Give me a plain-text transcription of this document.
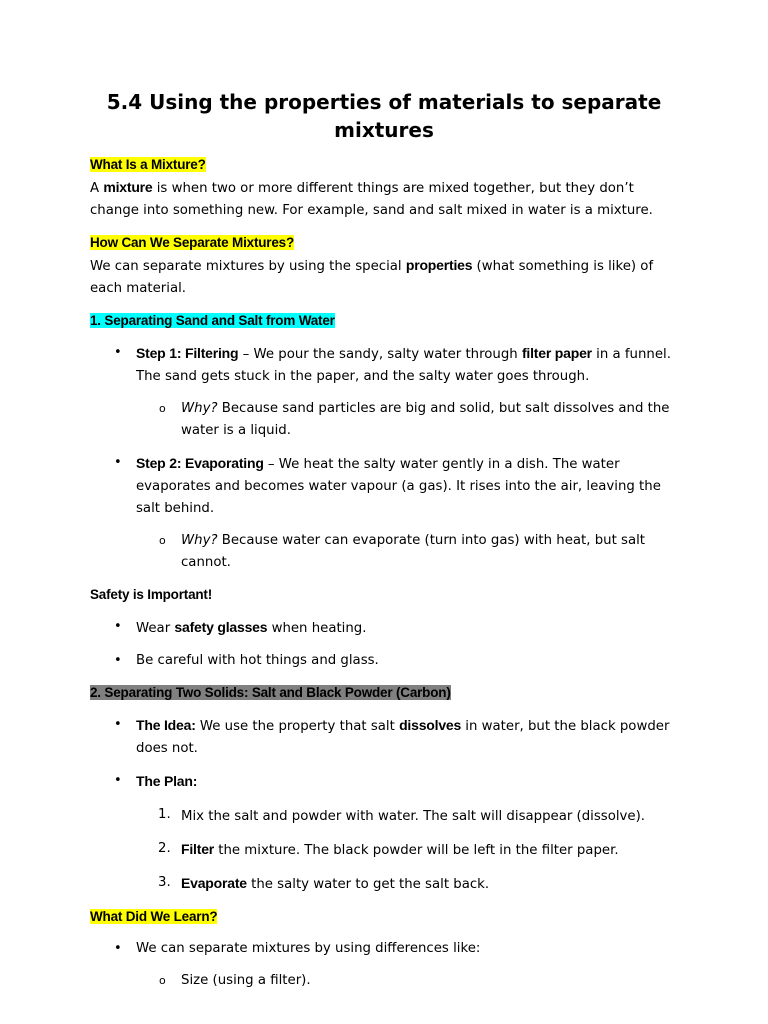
5.4 Using the properties of materials to separate mixtures

What Is a Mixture?

A mixture is when two or more different things are mixed together, but they don’t change into something new. For example, sand and salt mixed in water is a mixture.

How Can We Separate Mixtures?

We can separate mixtures by using the special properties (what something is like) of each material.

1. Separating Sand and Salt from Water

• Step 1: Filtering – We pour the sandy, salty water through filter paper in a funnel. The sand gets stuck in the paper, and the salty water goes through.
o Why? Because sand particles are big and solid, but salt dissolves and the water is a liquid.
• Step 2: Evaporating – We heat the salty water gently in a dish. The water evaporates and becomes water vapour (a gas). It rises into the air, leaving the salt behind.
o Why? Because water can evaporate (turn into gas) with heat, but salt cannot.

Safety is Important!

• Wear safety glasses when heating.
• Be careful with hot things and glass.

2. Separating Two Solids: Salt and Black Powder (Carbon)

• The Idea: We use the property that salt dissolves in water, but the black powder does not.
• The Plan:
1. Mix the salt and powder with water. The salt will disappear (dissolve).
2. Filter the mixture. The black powder will be left in the filter paper.
3. Evaporate the salty water to get the salt back.

What Did We Learn?

• We can separate mixtures by using differences like:
o Size (using a filter).
